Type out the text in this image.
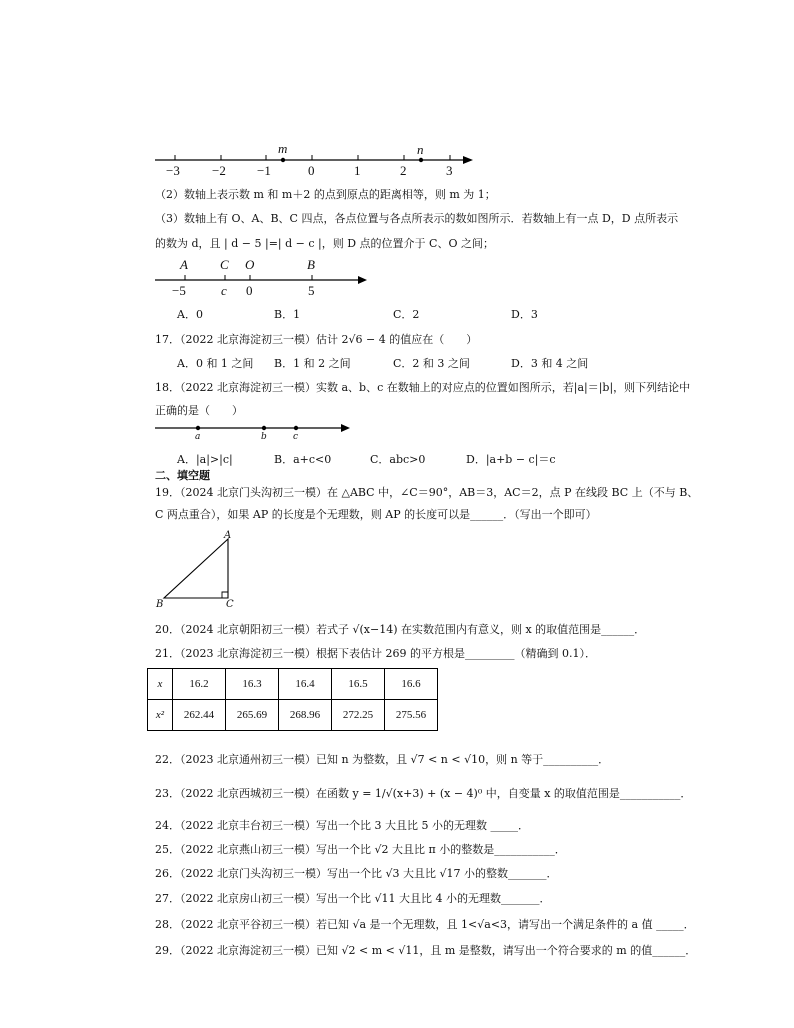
m	n
−3 −2 −1	0	1	2	3
（2）数轴上表示数 m 和 m＋2 的点到原点的距离相等，则 m 为 1；
（3）数轴上有 O、A、B、C 四点，各点位置与各点所表示的数如图所示．若数轴上有一点 D，D 点所表示
的数为 d，且 | d − 5 |=| d − c |，则 D 点的位置介于 C、O 之间；
A C O	B
−5	c 0	5
A．0	B．1	C．2	D．3
17．（2022 北京海淀初三一模）估计 2√6 − 4 的值应在（　　）
A．0 和 1 之间 B．1 和 2 之间	C．2 和 3 之间	D．3 和 4 之间
18．（2022 北京海淀初三一模）实数 a、b、c 在数轴上的对应点的位置如图所示，若|a|＝|b|，则下列结论中
正确的是（　　）
a	b	c
A．|a|>|c|	B．a+c<0	C．abc>0	D．|a+b − c|＝c
二、填空题
19．（2024 北京门头沟初三一模）在 △ABC 中，∠C＝90°，AB＝3，AC＝2，点 P 在线段 BC 上（不与 B、
C 两点重合），如果 AP 的长度是个无理数，则 AP 的长度可以是______．（写出一个即可）
A
B	C
20．（2024 北京朝阳初三一模）若式子 √(x−14) 在实数范围内有意义，则 x 的取值范围是______．
21．（2023 北京海淀初三一模）根据下表估计 269 的平方根是_________（精确到 0.1）．
x	16.2	16.3	16.4	16.5	16.6
x²	262.44	265.69	268.96	272.25	275.56
22．（2023 北京通州初三一模）已知 n 为整数，且 √7 < n < √10，则 n 等于__________．
23．（2022 北京西城初三一模）在函数 y = 1/√(x+3) + (x − 4)⁰ 中，自变量 x 的取值范围是___________．
24．（2022 北京丰台初三一模）写出一个比 3 大且比 5 小的无理数 _____．
25．（2022 北京燕山初三一模）写出一个比 √2 大且比 π 小的整数是___________．
26．（2022 北京门头沟初三一模）写出一个比 √3 大且比 √17 小的整数_______．
27．（2022 北京房山初三一模）写出一个比 √11 大且比 4 小的无理数_______．
28．（2022 北京平谷初三一模）若已知 √a 是一个无理数，且 1<√a<3，请写出一个满足条件的 a 值 _____．
29．（2022 北京海淀初三一模）已知 √2 < m < √11，且 m 是整数，请写出一个符合要求的 m 的值______．
